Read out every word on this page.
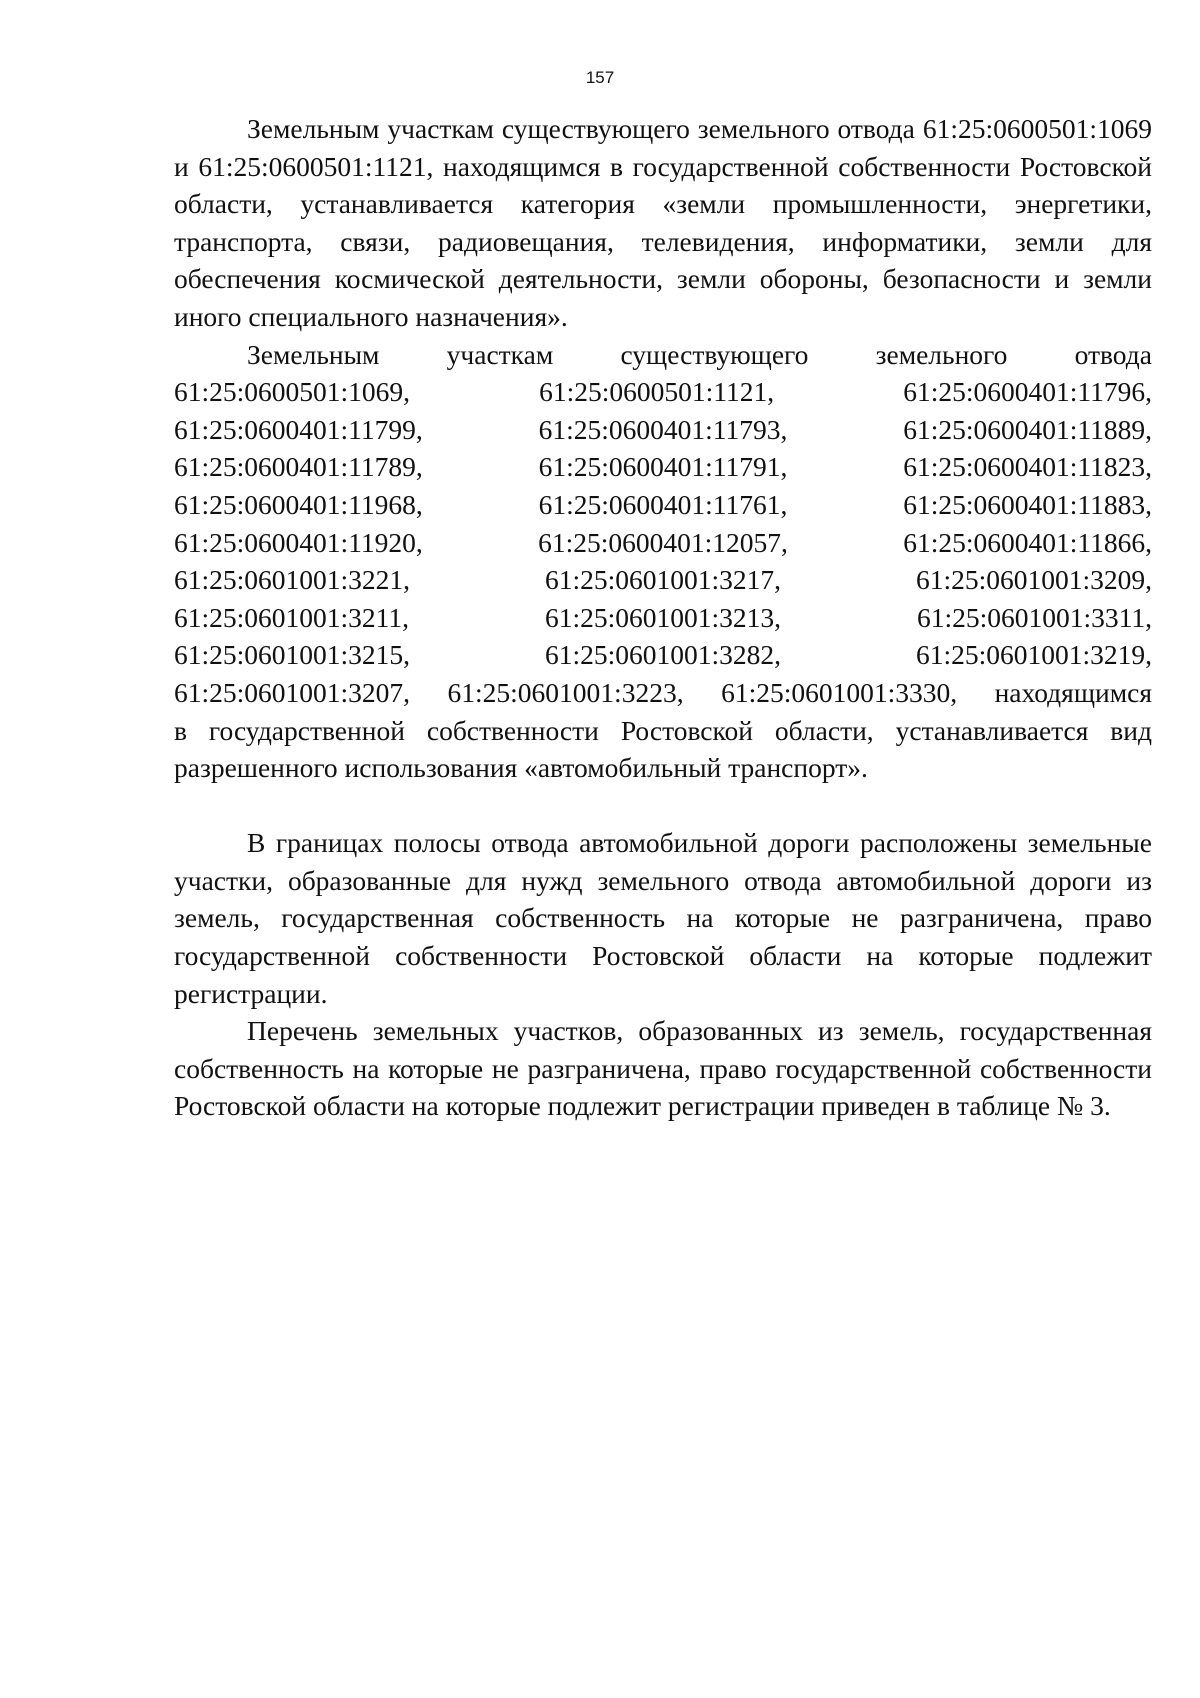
157

Земельным участкам существующего земельного отвода 61:25:0600501:1069 и 61:25:0600501:1121, находящимся в государственной собственности Ростовской области, устанавливается категория «земли промышленности, энергетики, транспорта, связи, радиовещания, телевидения, информатики, земли для обеспечения космической деятельности, земли обороны, безопасности и земли иного специального назначения».

Земельным участкам существующего земельного отвода
61:25:0600501:1069,	61:25:0600501:1121,	61:25:0600401:11796,
61:25:0600401:11799,	61:25:0600401:11793,	61:25:0600401:11889,
61:25:0600401:11789,	61:25:0600401:11791,	61:25:0600401:11823,
61:25:0600401:11968,	61:25:0600401:11761,	61:25:0600401:11883,
61:25:0600401:11920,	61:25:0600401:12057,	61:25:0600401:11866,
61:25:0601001:3221,	61:25:0601001:3217,	61:25:0601001:3209,
61:25:0601001:3211,	61:25:0601001:3213,	61:25:0601001:3311,
61:25:0601001:3215,	61:25:0601001:3282,	61:25:0601001:3219,
61:25:0601001:3207, 61:25:0601001:3223, 61:25:0601001:3330, находящимся

в государственной собственности Ростовской области, устанавливается вид разрешенного использования «автомобильный транспорт».

В границах полосы отвода автомобильной дороги расположены земельные участки, образованные для нужд земельного отвода автомобильной дороги из земель, государственная собственность на которые не разграничена, право государственной собственности Ростовской области на которые подлежит регистрации.

Перечень земельных участков, образованных из земель, государственная собственность на которые не разграничена, право государственной собственности Ростовской области на которые подлежит регистрации приведен в таблице № 3.
